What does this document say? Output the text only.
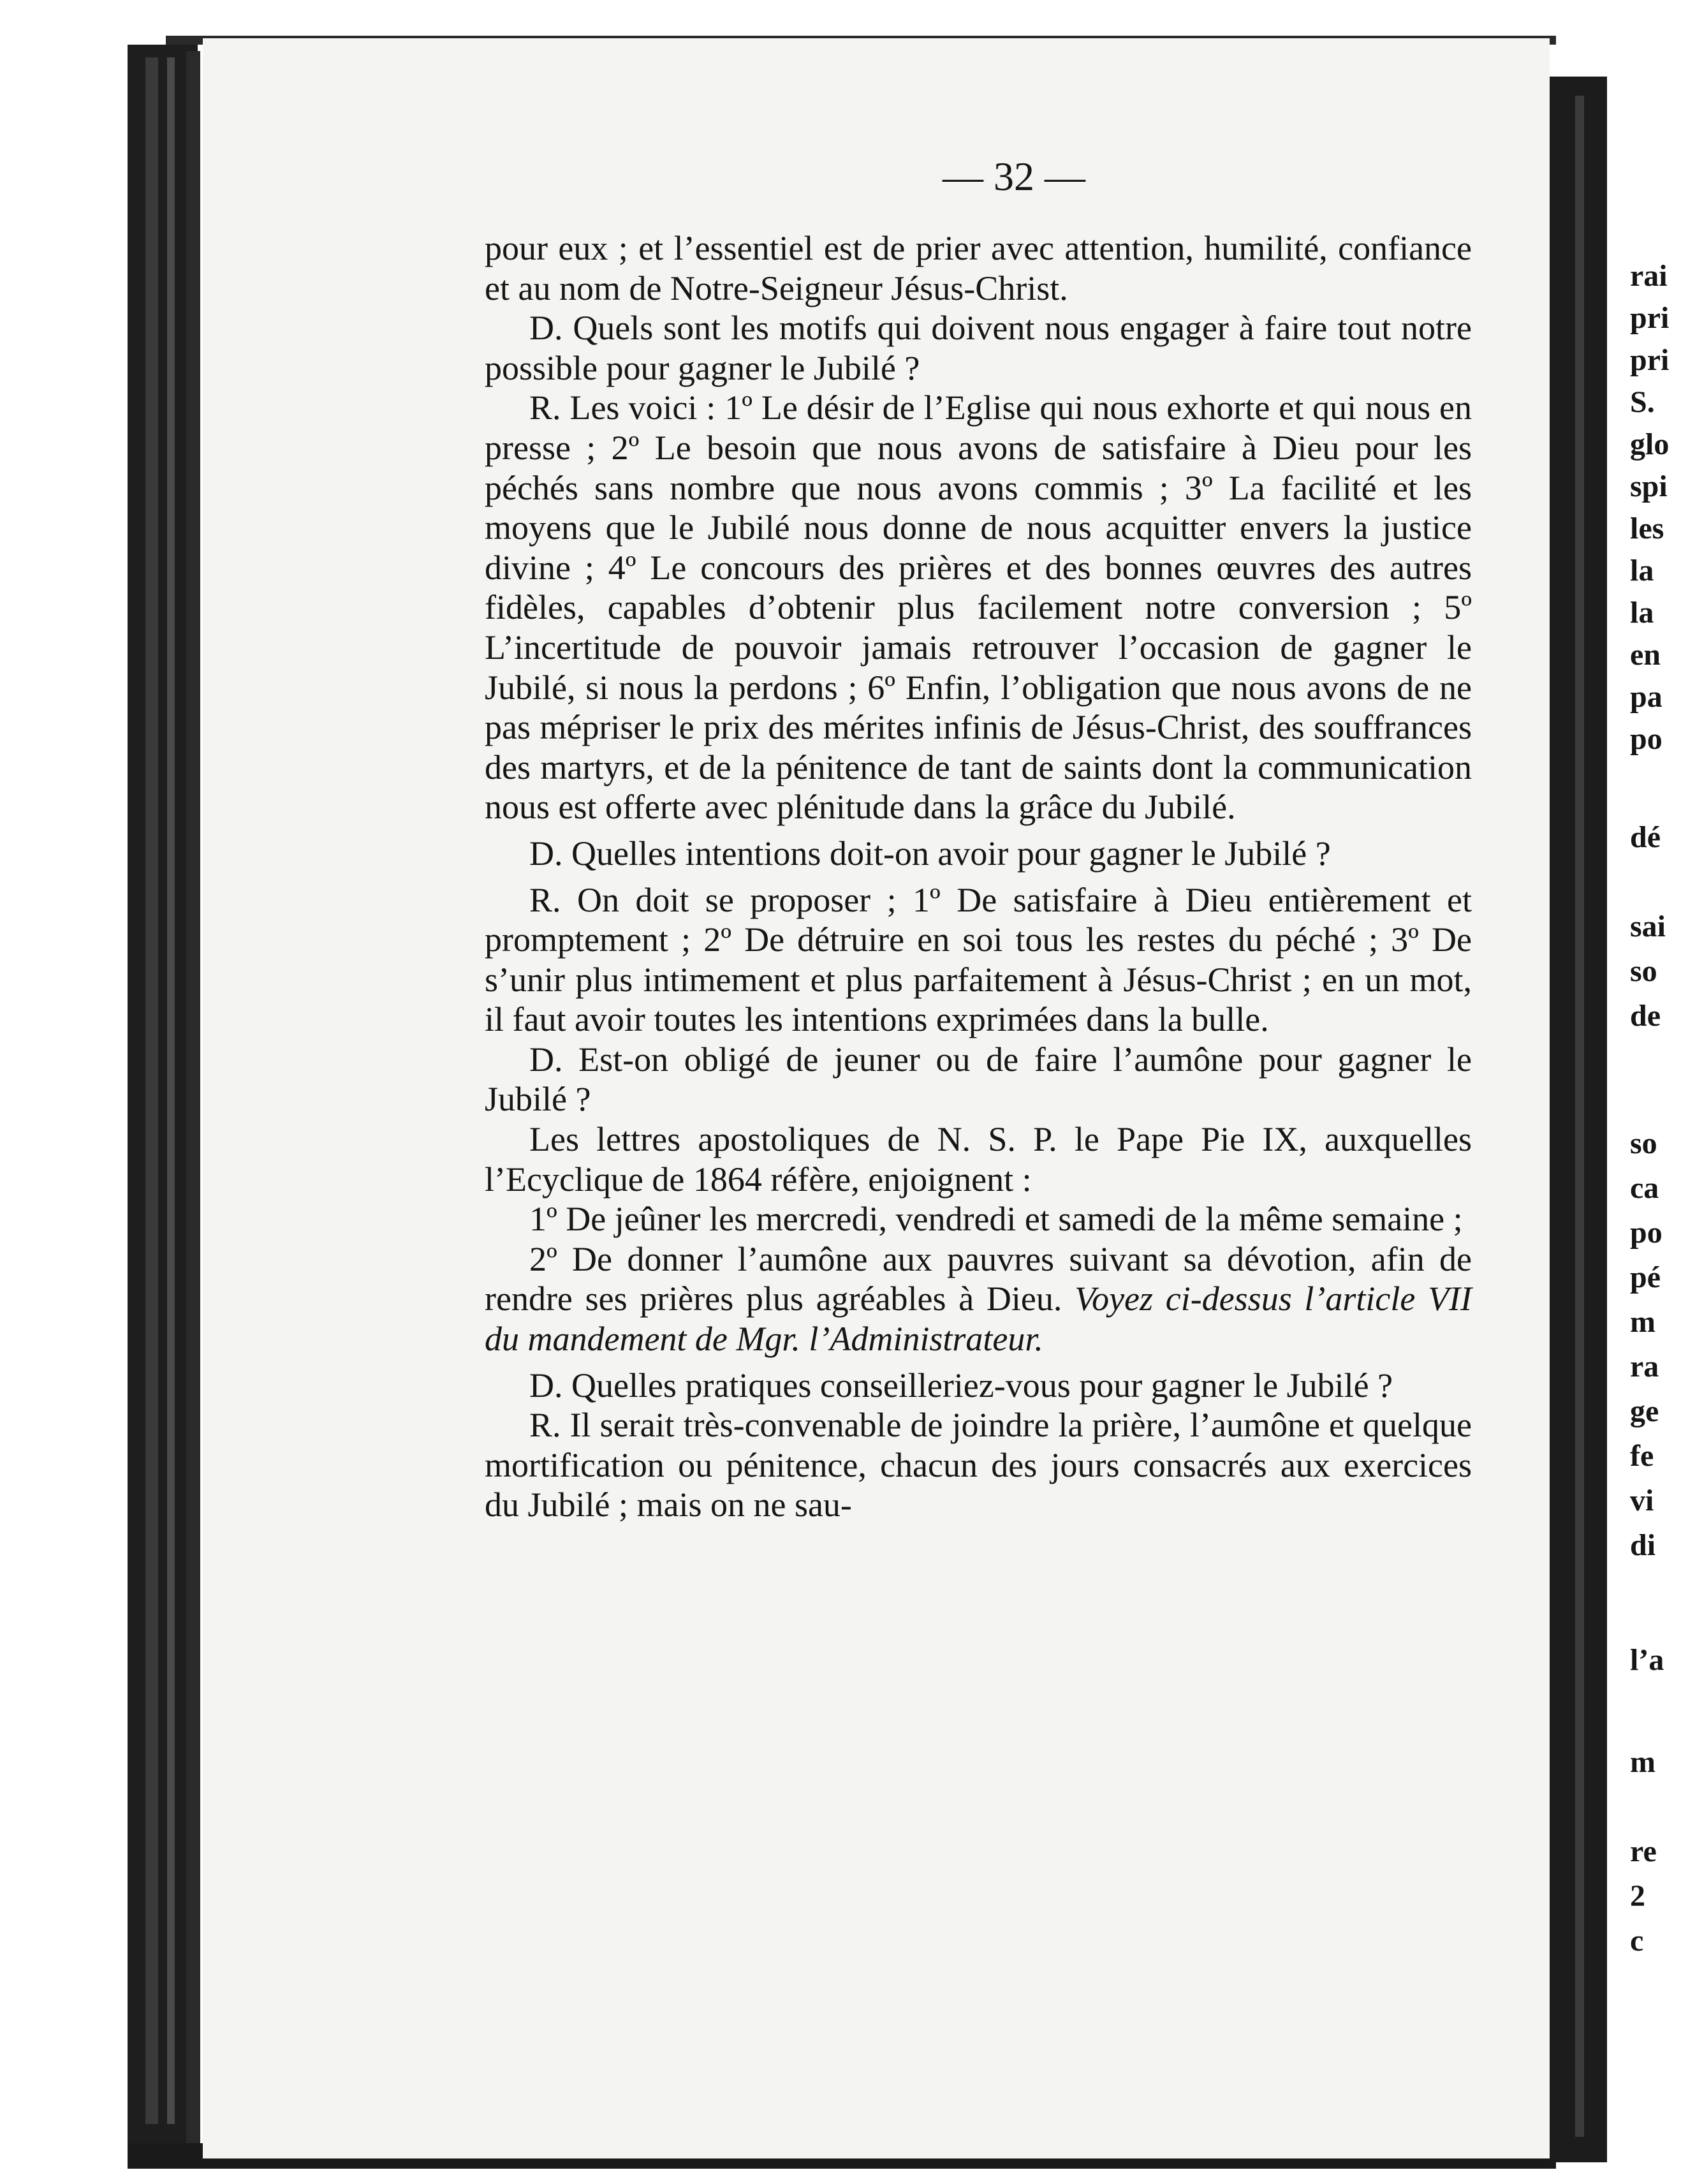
— 32 —

pour eux ; et l’essentiel est de prier avec attention, humilité, confiance et au nom de Notre-Seigneur Jésus-Christ.

D. Quels sont les motifs qui doivent nous engager à faire tout notre possible pour gagner le Jubilé ?

R. Les voici : 1º Le désir de l’Eglise qui nous exhorte et qui nous en presse ; 2º Le besoin que nous avons de satisfaire à Dieu pour les péchés sans nombre que nous avons commis ; 3º La facilité et les moyens que le Jubilé nous donne de nous acquitter envers la justice divine ; 4º Le concours des prières et des bonnes œuvres des autres fidèles, capables d’obtenir plus facilement notre conversion ; 5º L’incertitude de pouvoir jamais retrouver l’occasion de gagner le Jubilé, si nous la perdons ; 6º Enfin, l’obligation que nous avons de ne pas mépriser le prix des mérites infinis de Jésus-Christ, des souffrances des martyrs, et de la pénitence de tant de saints dont la communication nous est offerte avec plénitude dans la grâce du Jubilé.

D. Quelles intentions doit-on avoir pour gagner le Jubilé ?

R. On doit se proposer ; 1º De satisfaire à Dieu entièrement et promptement ; 2º De détruire en soi tous les restes du péché ; 3º De s’unir plus intimement et plus parfaitement à Jésus-Christ ; en un mot, il faut avoir toutes les intentions exprimées dans la bulle.

D. Est-on obligé de jeuner ou de faire l’aumône pour gagner le Jubilé ?

Les lettres apostoliques de N. S. P. le Pape Pie IX, auxquelles l’Ecyclique de 1864 réfère, enjoignent :

1º De jeûner les mercredi, vendredi et samedi de la même semaine ;

2º De donner l’aumône aux pauvres suivant sa dévotion, afin de rendre ses prières plus agréables à Dieu. Voyez ci-dessus l’article VII du mandement de Mgr. l’Administrateur.

D. Quelles pratiques conseilleriez-vous pour gagner le Jubilé ?

R. Il serait très-convenable de joindre la prière, l’aumône et quelque mortification ou pénitence, chacun des jours consacrés aux exercices du Jubilé ; mais on ne sau-

rai
pri
pri
S.
glo
spi
les
la
la
en
pa
po
dé
sai
so
de
so
ca
po
pé
m
ra
ge
fe
vi
di
l’a
m
re
2
c
